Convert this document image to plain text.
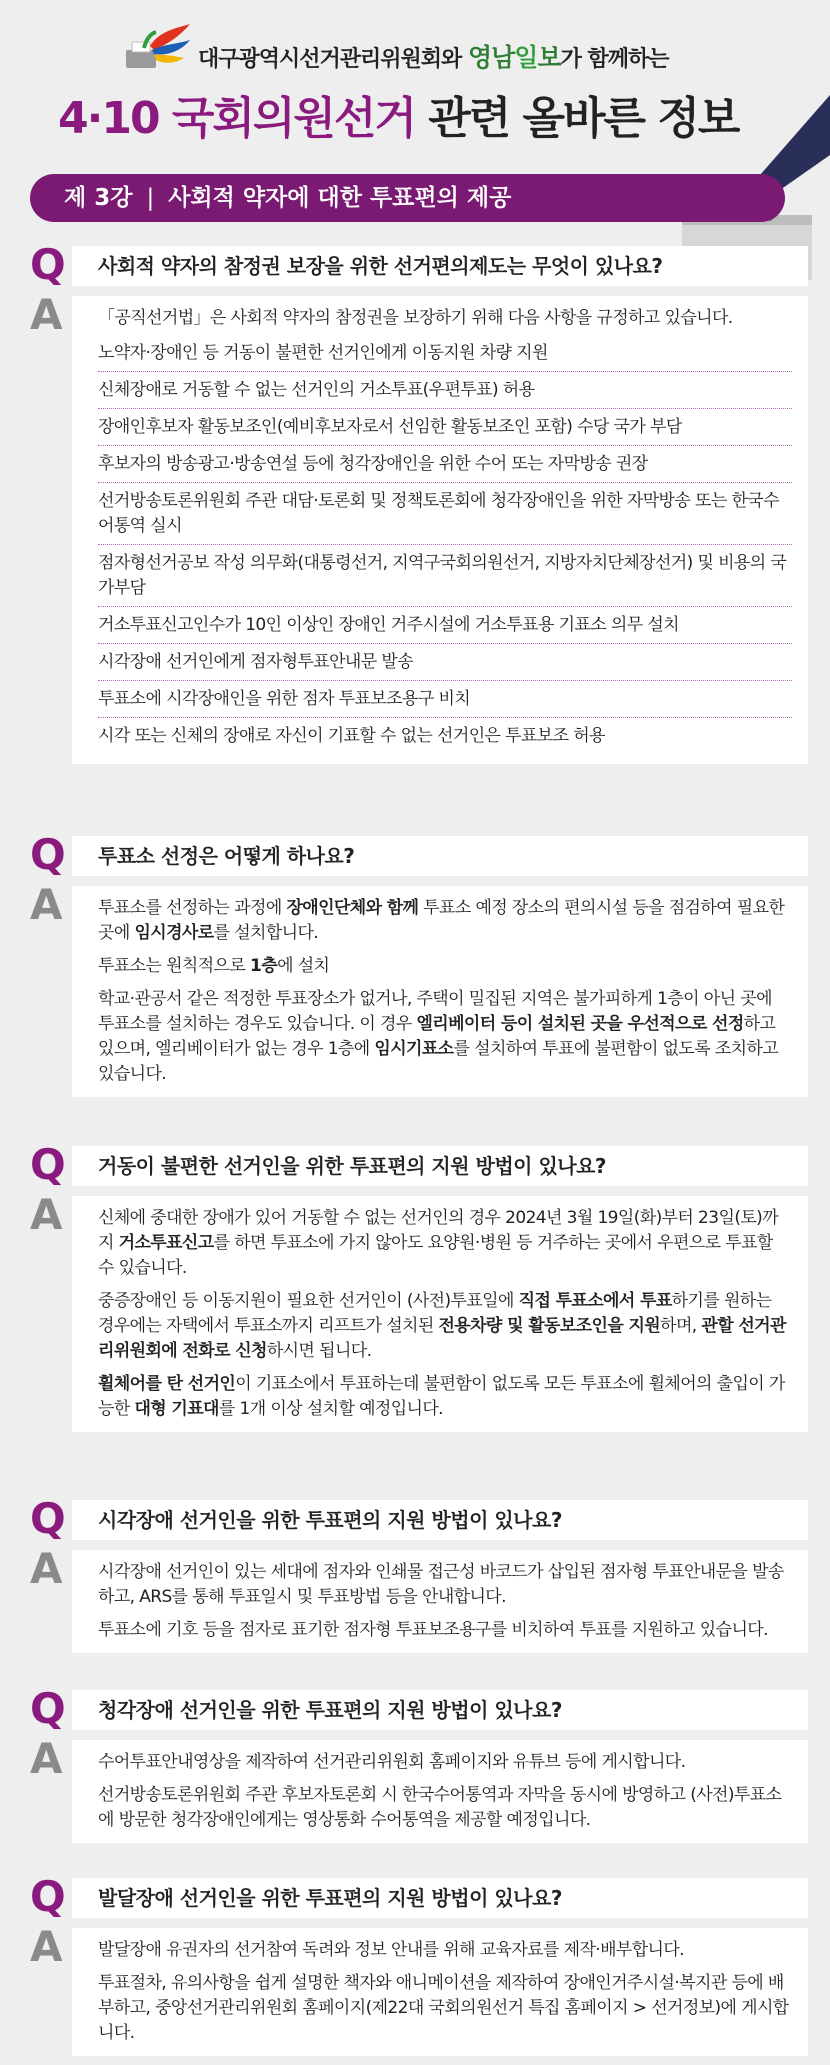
대구광역시선거관리위원회와 영남일보가 함께하는
4·10 국회의원선거 관련 올바른 정보
제 3강 | 사회적 약자에 대한 투표편의 제공
Q	사회적 약자의 참정권 보장을 위한 선거편의제도는 무엇이 있나요?
A 「공직선거법」은 사회적 약자의 참정권을 보장하기 위해 다음 사항을 규정하고 있습니다.

노약자·장애인 등 거동이 불편한 선거인에게 이동지원 차량 지원
신체장애로 거동할 수 없는 선거인의 거소투표(우편투표) 허용
장애인후보자 활동보조인(예비후보자로서 선임한 활동보조인 포함) 수당 국가 부담
후보자의 방송광고·방송연설 등에 청각장애인을 위한 수어 또는 자막방송 권장
선거방송토론위원회 주관 대담·토론회 및 정책토론회에 청각장애인을 위한 자막방송 또는 한국수어통역 실시
점자형선거공보 작성 의무화(대통령선거, 지역구국회의원선거, 지방자치단체장선거) 및 비용의 국가부담
거소투표신고인수가 10인 이상인 장애인 거주시설에 거소투표용 기표소 의무 설치
시각장애 선거인에게 점자형투표안내문 발송
투표소에 시각장애인을 위한 점자 투표보조용구 비치
시각 또는 신체의 장애로 자신이 기표할 수 없는 선거인은 투표보조 허용
Q	투표소 선정은 어떻게 하나요?
A 투표소를 선정하는 과정에 장애인단체와 함께 투표소 예정 장소의 편의시설 등을 점검하여 필요한 곳에 임시경사로를 설치합니다.

투표소는 원칙적으로 1층에 설치

학교·관공서 같은 적정한 투표장소가 없거나, 주택이 밀집된 지역은 불가피하게 1층이 아닌 곳에 투표소를 설치하는 경우도 있습니다. 이 경우 엘리베이터 등이 설치된 곳을 우선적으로 선정하고 있으며, 엘리베이터가 없는 경우 1층에 임시기표소를 설치하여 투표에 불편함이 없도록 조치하고 있습니다.

Q	거동이 불편한 선거인을 위한 투표편의 지원 방법이 있나요?
A 신체에 중대한 장애가 있어 거동할 수 없는 선거인의 경우 2024년 3월 19일(화)부터 23일(토)까지 거소투표신고를 하면 투표소에 가지 않아도 요양원·병원 등 거주하는 곳에서 우편으로 투표할 수 있습니다.

중증장애인 등 이동지원이 필요한 선거인이 (사전)투표일에 직접 투표소에서 투표하기를 원하는 경우에는 자택에서 투표소까지 리프트가 설치된 전용차량 및 활동보조인을 지원하며, 관할 선거관리위원회에 전화로 신청하시면 됩니다.

휠체어를 탄 선거인이 기표소에서 투표하는데 불편함이 없도록 모든 투표소에 휠체어의 출입이 가능한 대형 기표대를 1개 이상 설치할 예정입니다.

Q	시각장애 선거인을 위한 투표편의 지원 방법이 있나요?
A 시각장애 선거인이 있는 세대에 점자와 인쇄물 접근성 바코드가 삽입된 점자형 투표안내문을 발송하고, ARS를 통해 투표일시 및 투표방법 등을 안내합니다.

투표소에 기호 등을 점자로 표기한 점자형 투표보조용구를 비치하여 투표를 지원하고 있습니다.

Q	청각장애 선거인을 위한 투표편의 지원 방법이 있나요?
A 수어투표안내영상을 제작하여 선거관리위원회 홈페이지와 유튜브 등에 게시합니다.

선거방송토론위원회 주관 후보자토론회 시 한국수어통역과 자막을 동시에 방영하고 (사전)투표소에 방문한 청각장애인에게는 영상통화 수어통역을 제공할 예정입니다.

Q	발달장애 선거인을 위한 투표편의 지원 방법이 있나요?
A 발달장애 유권자의 선거참여 독려와 정보 안내를 위해 교육자료를 제작·배부합니다.

투표절차, 유의사항을 쉽게 설명한 책자와 애니메이션을 제작하여 장애인거주시설·복지관 등에 배부하고, 중앙선거관리위원회 홈페이지(제22대 국회의원선거 특집 홈페이지 > 선거정보)에 게시합니다.
